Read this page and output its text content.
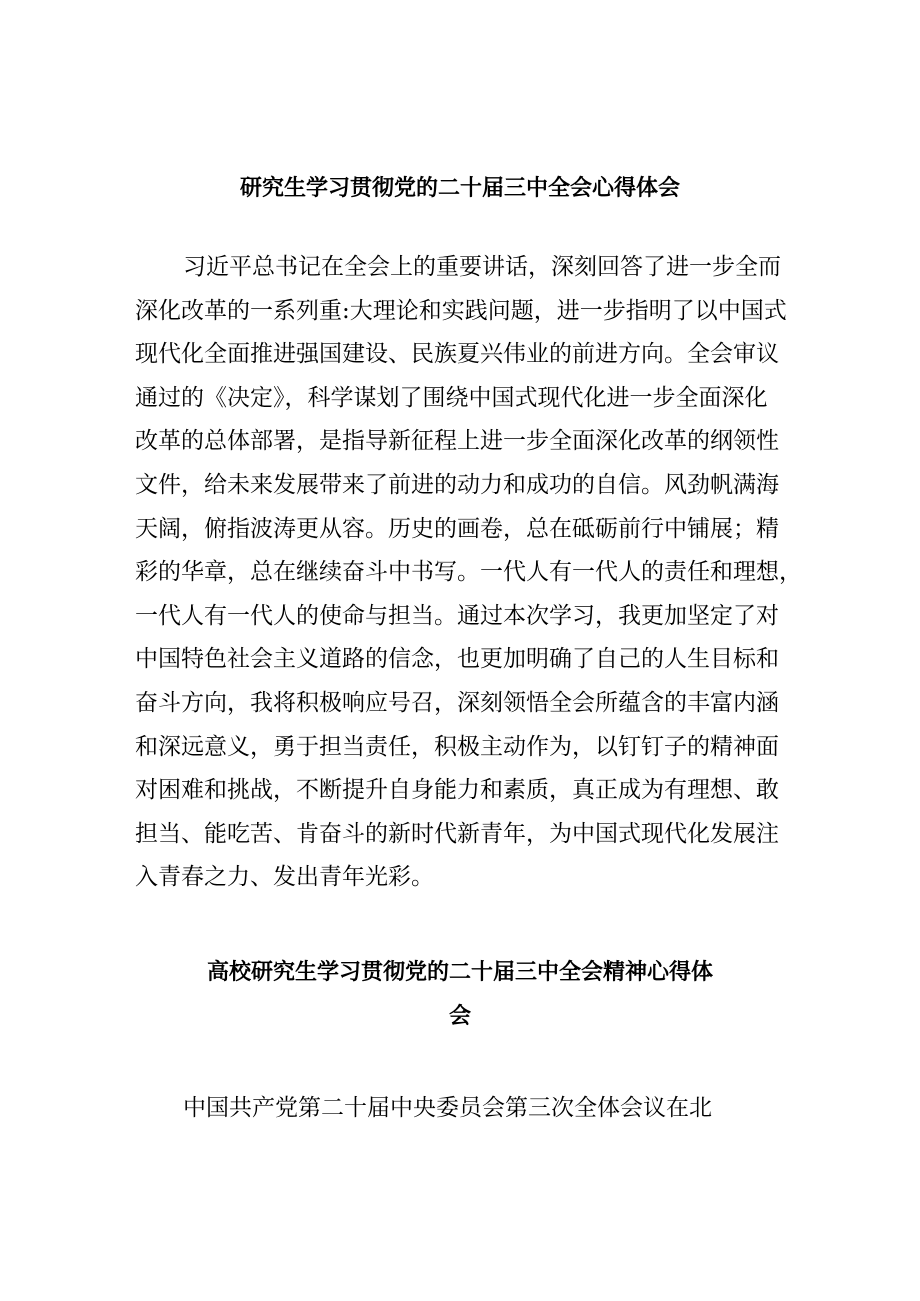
研究生学习贯彻党的二十届三中全会心得体会
习近平总书记在全会上的重要讲话，深刻回答了进一步全而
深化改革的一系列重:大理论和实践问题，进一步指明了以中国式
现代化全面推进强国建设、民族夏兴伟业的前进方向。全会审议
通过的《决定》，科学谋划了围绕中国式现代化进一步全面深化
改革的总体部署，是指导新征程上进一步全面深化改革的纲领性
文件，给未来发展带来了前进的动力和成功的自信。风劲帆满海
天阔，俯指波涛更从容。历史的画卷，总在砥砺前行中铺展；精
彩的华章，总在继续奋斗中书写。一代人有一代人的责任和理想，
一代人有一代人的使命与担当。通过本次学习，我更加坚定了对
中国特色社会主义道路的信念，也更加明确了自己的人生目标和
奋斗方向，我将积极响应号召，深刻领悟全会所蕴含的丰富内涵
和深远意义，勇于担当责任，积极主动作为，以钉钉子的精神面
对困难和挑战，不断提升自身能力和素质，真正成为有理想、敢
担当、能吃苦、肯奋斗的新时代新青年，为中国式现代化发展注
入青春之力、发出青年光彩。
高校研究生学习贯彻党的二十届三中全会精神心得体
会
中国共产党第二十届中央委员会第三次全体会议在北
